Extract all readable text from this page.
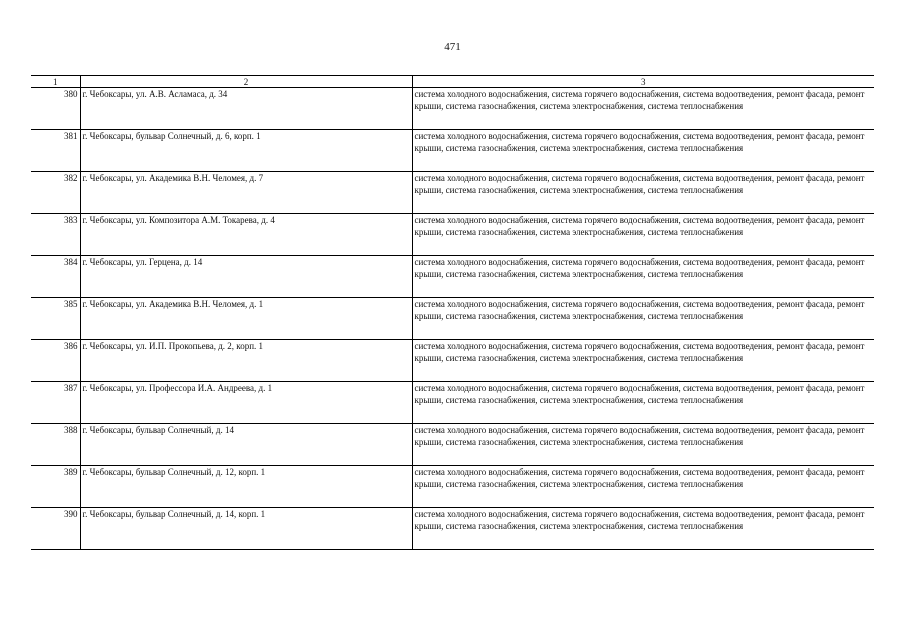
471
1	2	3
380	г. Чебоксары, ул. А.В. Асламаса, д. 34	система холодного водоснабжения, система горячего водоснабжения, система водоотведения, ремонт фасада, ремонт крыши, система газоснабжения, система электроснабжения, система теплоснабжения
381	г. Чебоксары, бульвар Солнечный, д. 6, корп. 1	система холодного водоснабжения, система горячего водоснабжения, система водоотведения, ремонт фасада, ремонт крыши, система газоснабжения, система электроснабжения, система теплоснабжения
382	г. Чебоксары, ул. Академика В.Н. Челомея, д. 7	система холодного водоснабжения, система горячего водоснабжения, система водоотведения, ремонт фасада, ремонт крыши, система газоснабжения, система электроснабжения, система теплоснабжения
383	г. Чебоксары, ул. Композитора А.М. Токарева, д. 4	система холодного водоснабжения, система горячего водоснабжения, система водоотведения, ремонт фасада, ремонт крыши, система газоснабжения, система электроснабжения, система теплоснабжения
384	г. Чебоксары, ул. Герцена, д. 14	система холодного водоснабжения, система горячего водоснабжения, система водоотведения, ремонт фасада, ремонт крыши, система газоснабжения, система электроснабжения, система теплоснабжения
385	г. Чебоксары, ул. Академика В.Н. Челомея, д. 1	система холодного водоснабжения, система горячего водоснабжения, система водоотведения, ремонт фасада, ремонт крыши, система газоснабжения, система электроснабжения, система теплоснабжения
386	г. Чебоксары, ул. И.П. Прокопьева, д. 2, корп. 1	система холодного водоснабжения, система горячего водоснабжения, система водоотведения, ремонт фасада, ремонт крыши, система газоснабжения, система электроснабжения, система теплоснабжения
387	г. Чебоксары, ул. Профессора И.А. Андреева, д. 1	система холодного водоснабжения, система горячего водоснабжения, система водоотведения, ремонт фасада, ремонт крыши, система газоснабжения, система электроснабжения, система теплоснабжения
388	г. Чебоксары, бульвар Солнечный, д. 14	система холодного водоснабжения, система горячего водоснабжения, система водоотведения, ремонт фасада, ремонт крыши, система газоснабжения, система электроснабжения, система теплоснабжения
389	г. Чебоксары, бульвар Солнечный, д. 12, корп. 1	система холодного водоснабжения, система горячего водоснабжения, система водоотведения, ремонт фасада, ремонт крыши, система газоснабжения, система электроснабжения, система теплоснабжения
390	г. Чебоксары, бульвар Солнечный, д. 14, корп. 1	система холодного водоснабжения, система горячего водоснабжения, система водоотведения, ремонт фасада, ремонт крыши, система газоснабжения, система электроснабжения, система теплоснабжения
